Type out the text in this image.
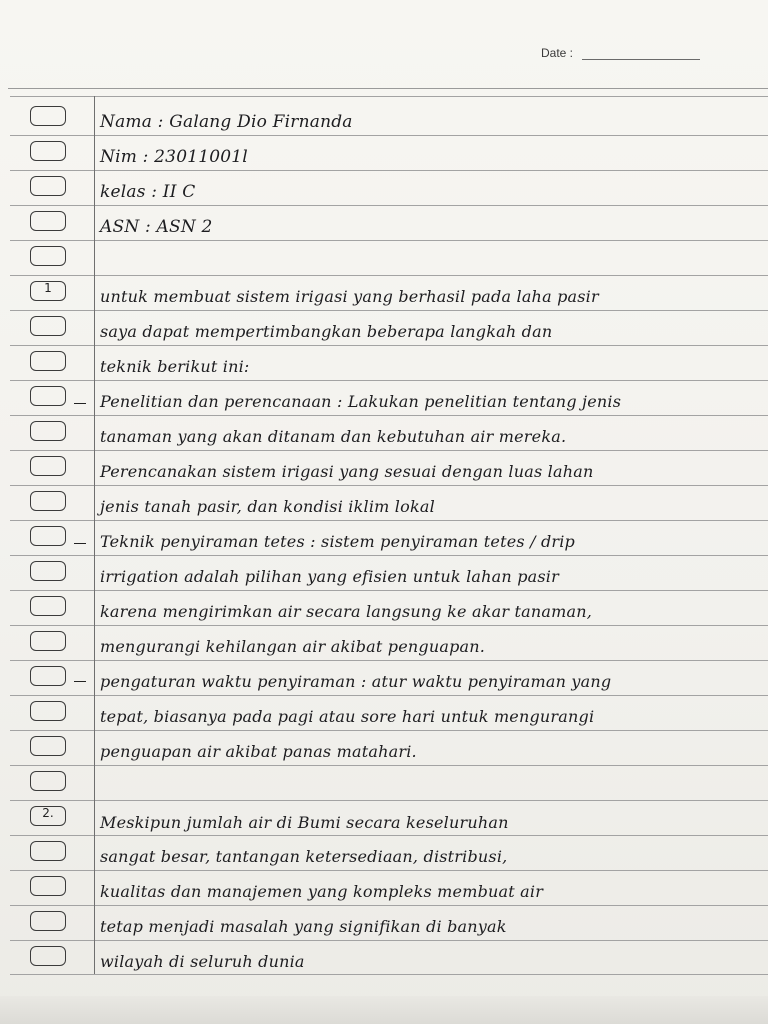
Date :
1
2.
Nama : Galang Dio Firnanda
Nim : 23011001l
kelas : II C
ASN : ASN 2
untuk membuat sistem irigasi yang berhasil pada laha pasir
saya dapat mempertimbangkan beberapa langkah dan
teknik berikut ini:
Penelitian dan perencanaan : Lakukan penelitian tentang jenis
tanaman yang akan ditanam dan kebutuhan air mereka.
Perencanakan sistem irigasi yang sesuai dengan luas lahan
jenis tanah pasir, dan kondisi iklim lokal
Teknik penyiraman tetes : sistem penyiraman tetes / drip
irrigation adalah pilihan yang efisien untuk lahan pasir
karena mengirimkan air secara langsung ke akar tanaman,
mengurangi kehilangan air akibat penguapan.
pengaturan waktu penyiraman : atur waktu penyiraman yang
tepat, biasanya pada pagi atau sore hari untuk mengurangi
penguapan air akibat panas matahari.
Meskipun jumlah air di Bumi secara keseluruhan
sangat besar, tantangan ketersediaan, distribusi,
kualitas dan manajemen yang kompleks membuat air
tetap menjadi masalah yang signifikan di banyak
wilayah di seluruh dunia
